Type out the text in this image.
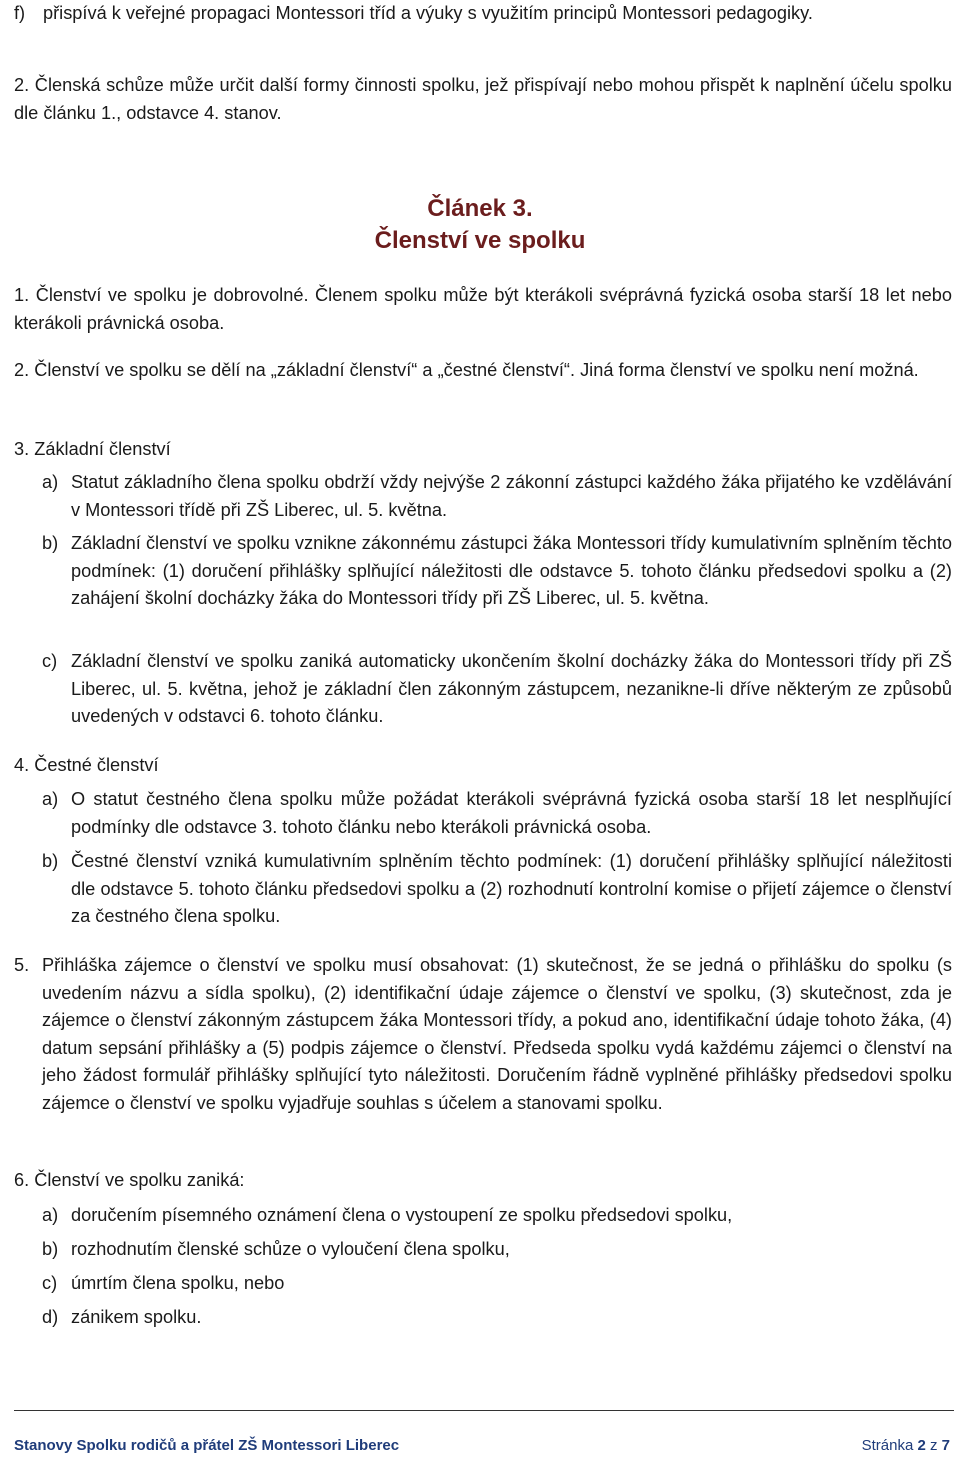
f) přispívá k veřejné propagaci Montessori tříd a výuky s využitím principů Montessori pedagogiky.
2. Členská schůze může určit další formy činnosti spolku, jež přispívají nebo mohou přispět k naplnění účelu spolku dle článku 1., odstavce 4. stanov.
Článek 3.
Členství ve spolku
1. Členství ve spolku je dobrovolné. Členem spolku může být kterákoli svéprávná fyzická osoba starší 18 let nebo kterákoli právnická osoba.
2. Členství ve spolku se dělí na „základní členství“ a „čestné členství“. Jiná forma členství ve spolku není možná.
3. Základní členství
a) Statut základního člena spolku obdrží vždy nejvýše 2 zákonní zástupci každého žáka přijatého ke vzdělávání v Montessori třídě při ZŠ Liberec, ul. 5. května.
b) Základní členství ve spolku vznikne zákonnému zástupci žáka Montessori třídy kumulativním splněním těchto podmínek: (1) doručení přihlášky splňující náležitosti dle odstavce 5. tohoto článku předsedovi spolku a (2) zahájení školní docházky žáka do Montessori třídy při ZŠ Liberec, ul. 5. května.
c) Základní členství ve spolku zaniká automaticky ukončením školní docházky žáka do Montessori třídy při ZŠ Liberec, ul. 5. května, jehož je základní člen zákonným zástupcem, nezanikne-li dříve některým ze způsobů uvedených v odstavci 6. tohoto článku.
4. Čestné členství
a) O statut čestného člena spolku může požádat kterákoli svéprávná fyzická osoba starší 18 let nesplňující podmínky dle odstavce 3. tohoto článku nebo kterákoli právnická osoba.
b) Čestné členství vzniká kumulativním splněním těchto podmínek: (1) doručení přihlášky splňující náležitosti dle odstavce 5. tohoto článku předsedovi spolku a (2) rozhodnutí kontrolní komise o přijetí zájemce o členství za čestného člena spolku.
5. Přihláška zájemce o členství ve spolku musí obsahovat: (1) skutečnost, že se jedná o přihlášku do spolku (s uvedením názvu a sídla spolku), (2) identifikační údaje zájemce o členství ve spolku, (3) skutečnost, zda je zájemce o členství zákonným zástupcem žáka Montessori třídy, a pokud ano, identifikační údaje tohoto žáka, (4) datum sepsání přihlášky a (5) podpis zájemce o členství. Předseda spolku vydá každému zájemci o členství na jeho žádost formulář přihlášky splňující tyto náležitosti. Doručením řádně vyplněné přihlášky předsedovi spolku zájemce o členství ve spolku vyjadřuje souhlas s účelem a stanovami spolku.
6. Členství ve spolku zaniká:
a) doručením písemného oznámení člena o vystoupení ze spolku předsedovi spolku,
b) rozhodnutím členské schůze o vyloučení člena spolku,
c) úmrtím člena spolku, nebo
d) zánikem spolku.
Stanovy Spolku rodičů a přátel ZŠ Montessori Liberec	Stránka 2 z 7
